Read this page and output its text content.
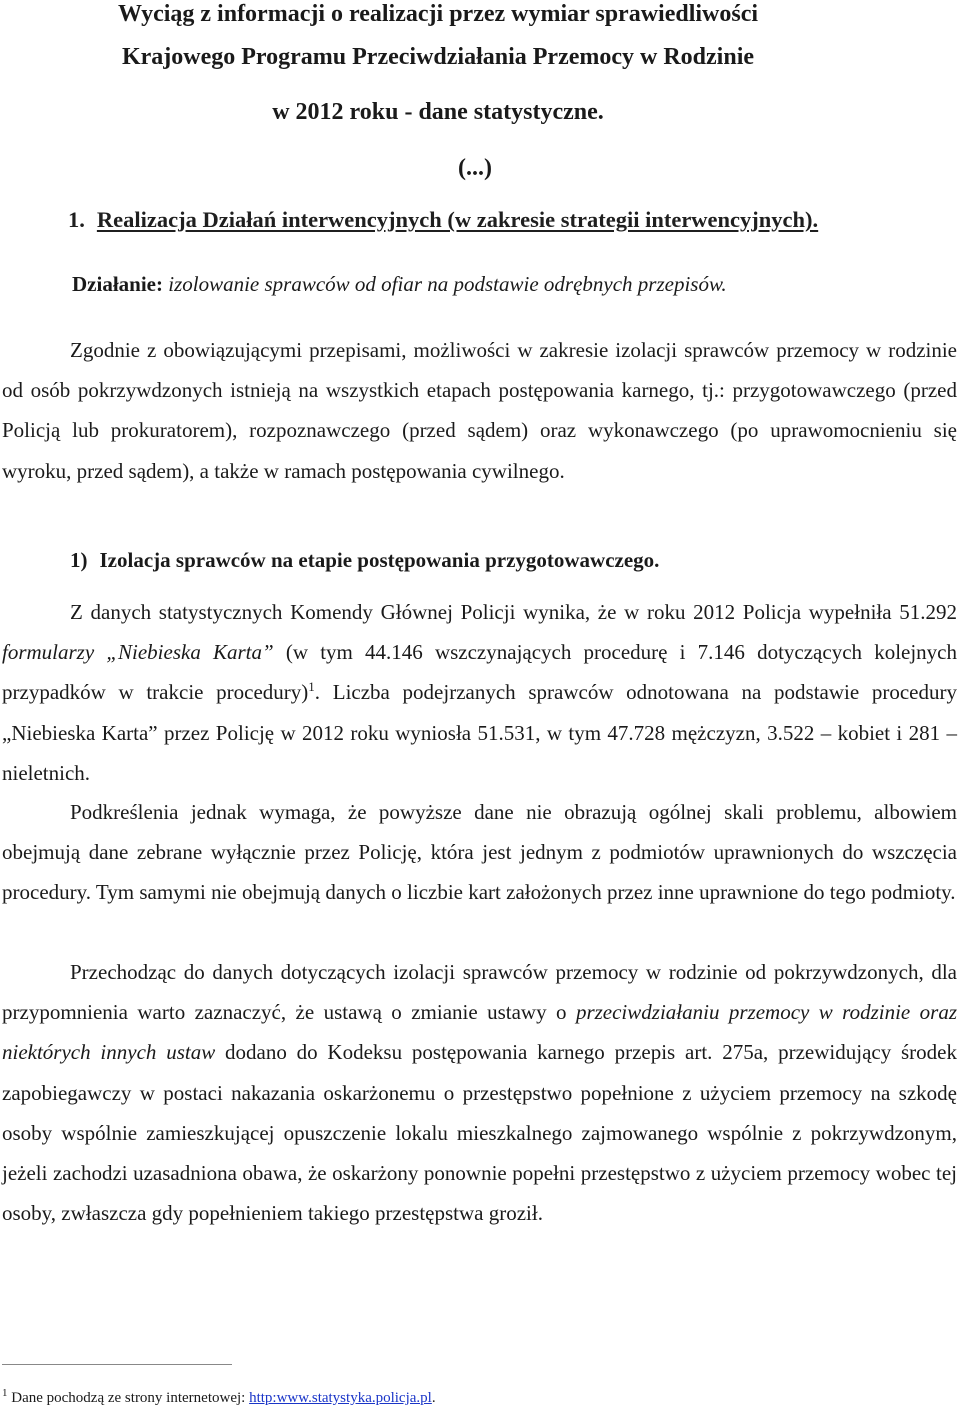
Wyciąg z informacji o realizacji przez wymiar sprawiedliwości
Krajowego Programu Przeciwdziałania Przemocy w Rodzinie
w 2012 roku - dane statystyczne.
(...)
1. Realizacja Działań interwencyjnych (w zakresie strategii interwencyjnych).
Działanie: izolowanie sprawców od ofiar na podstawie odrębnych przepisów.
Zgodnie z obowiązującymi przepisami, możliwości w zakresie izolacji sprawców przemocy w rodzinie od osób pokrzywdzonych istnieją na wszystkich etapach postępowania karnego, tj.: przygotowawczego (przed Policją lub prokuratorem), rozpoznawczego (przed sądem) oraz wykonawczego (po uprawomocnieniu się wyroku, przed sądem), a także w ramach postępowania cywilnego.
1) Izolacja sprawców na etapie postępowania przygotowawczego.
Z danych statystycznych Komendy Głównej Policji wynika, że w roku 2012 Policja wypełniła 51.292 formularzy „Niebieska Karta” (w tym 44.146 wszczynających procedurę i 7.146 dotyczących kolejnych przypadków w trakcie procedury)$^1$. Liczba podejrzanych sprawców odnotowana na podstawie procedury „Niebieska Karta” przez Policję w 2012 roku wyniosła 51.531, w tym 47.728 mężczyzn, 3.522 – kobiet i 281 – nieletnich.
Podkreślenia jednak wymaga, że powyższe dane nie obrazują ogólnej skali problemu, albowiem obejmują dane zebrane wyłącznie przez Policję, która jest jednym z podmiotów uprawnionych do wszczęcia procedury. Tym samymi nie obejmują danych o liczbie kart założonych przez inne uprawnione do tego podmioty.
Przechodząc do danych dotyczących izolacji sprawców przemocy w rodzinie od pokrzywdzonych, dla przypomnienia warto zaznaczyć, że ustawą o zmianie ustawy o przeciwdziałaniu przemocy w rodzinie oraz niektórych innych ustaw dodano do Kodeksu postępowania karnego przepis art. 275a, przewidujący środek zapobiegawczy w postaci nakazania oskarżonemu o przestępstwo popełnione z użyciem przemocy na szkodę osoby wspólnie zamieszkującej opuszczenie lokalu mieszkalnego zajmowanego wspólnie z pokrzywdzonym, jeżeli zachodzi uzasadniona obawa, że oskarżony ponownie popełni przestępstwo z użyciem przemocy wobec tej osoby, zwłaszcza gdy popełnieniem takiego przestępstwa groził.
$^1$ Dane pochodzą ze strony internetowej: http:www.statystyka.policja.pl.
